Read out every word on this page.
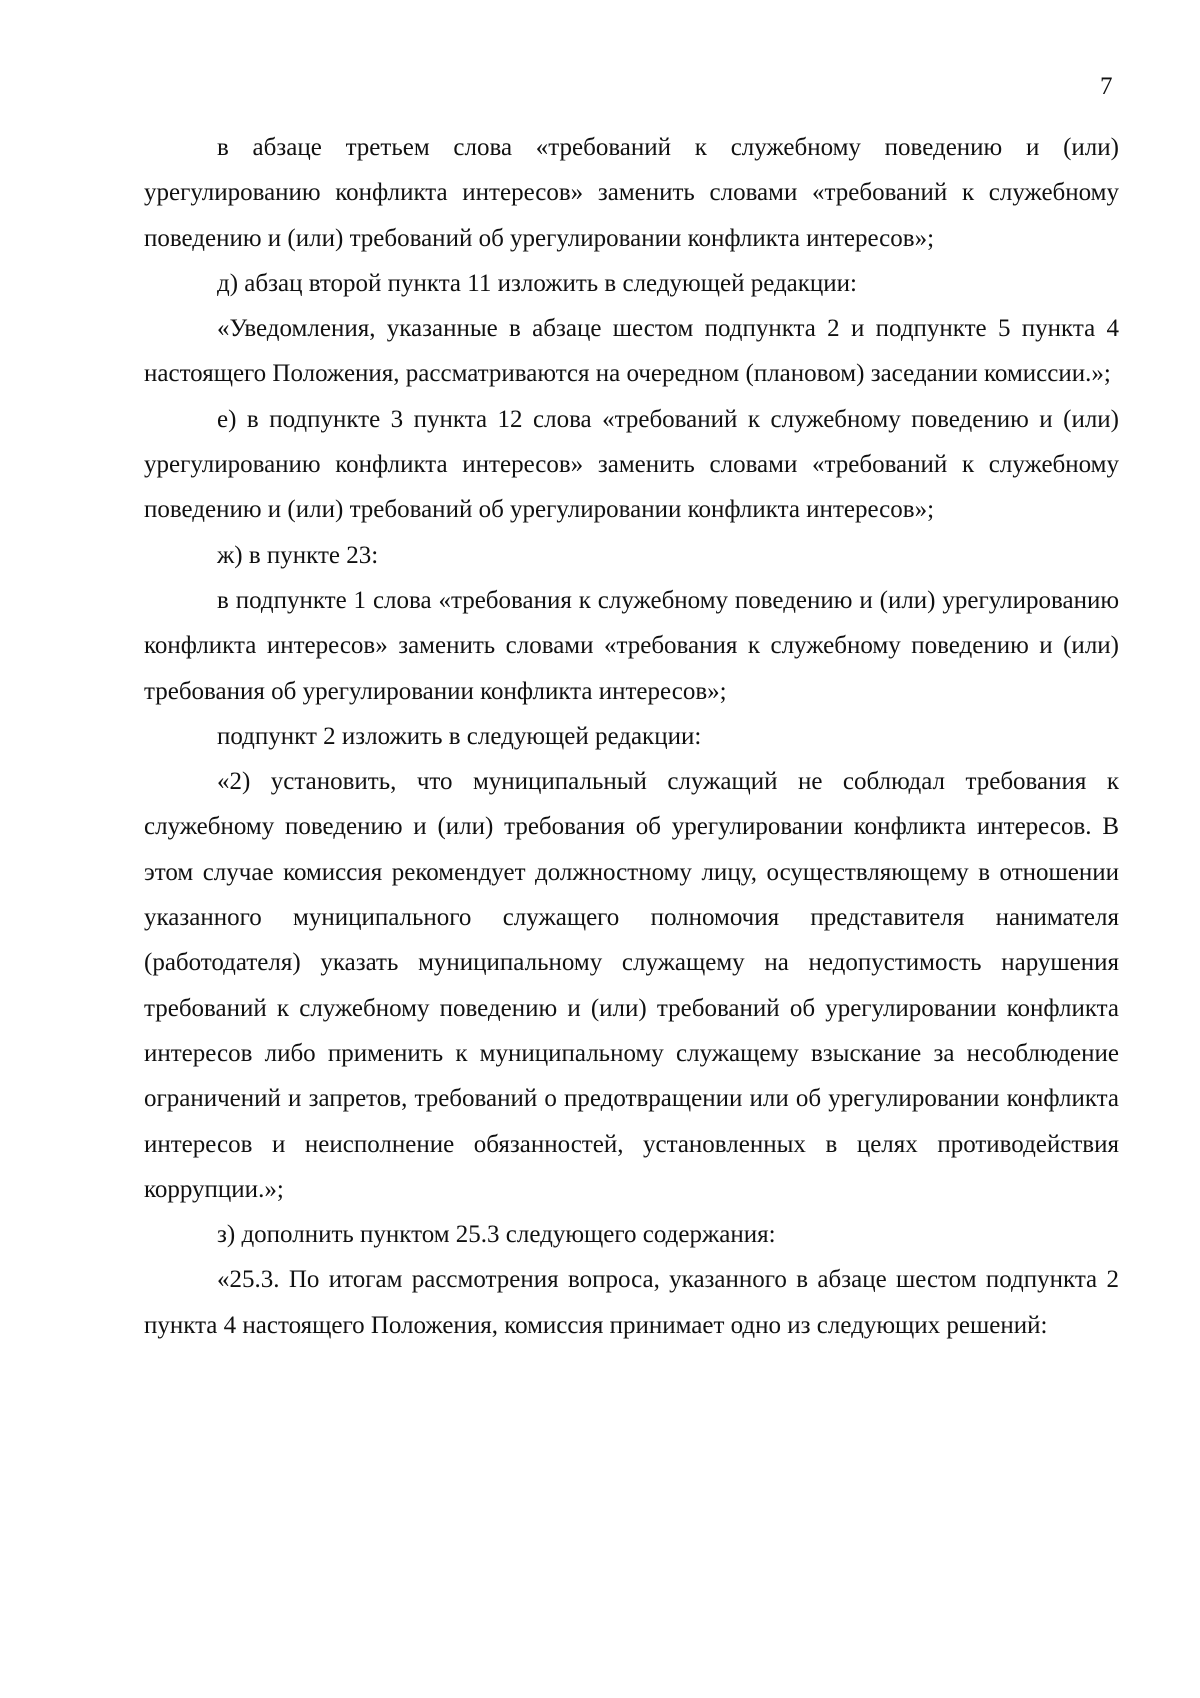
7

в абзаце третьем слова «требований к служебному поведению и (или) урегулированию конфликта интересов» заменить словами «требований к служебному поведению и (или) требований об урегулировании конфликта интересов»;

д) абзац второй пункта 11 изложить в следующей редакции:

«Уведомления, указанные в абзаце шестом подпункта 2 и подпункте 5 пункта 4 настоящего Положения, рассматриваются на очередном (плановом) заседании комиссии.»;

е) в подпункте 3 пункта 12 слова «требований к служебному поведению и (или) урегулированию конфликта интересов» заменить словами «требований к служебному поведению и (или) требований об урегулировании конфликта интересов»;

ж) в пункте 23:

в подпункте 1 слова «требования к служебному поведению и (или) урегулированию конфликта интересов» заменить словами «требования к служебному поведению и (или) требования об урегулировании конфликта интересов»;

подпункт 2 изложить в следующей редакции:

«2) установить, что муниципальный служащий не соблюдал требования к служебному поведению и (или) требования об урегулировании конфликта интересов. В этом случае комиссия рекомендует должностному лицу, осуществляющему в отношении указанного муниципального служащего полномочия представителя нанимателя (работодателя) указать муниципальному служащему на недопустимость нарушения требований к служебному поведению и (или) требований об урегулировании конфликта интересов либо применить к муниципальному служащему взыскание за несоблюдение ограничений и запретов, требований о предотвращении или об урегулировании конфликта интересов и неисполнение обязанностей, установленных в целях противодействия коррупции.»;

з) дополнить пунктом 25.3 следующего содержания:

«25.3. По итогам рассмотрения вопроса, указанного в абзаце шестом подпункта 2 пункта 4 настоящего Положения, комиссия принимает одно из следующих решений:
